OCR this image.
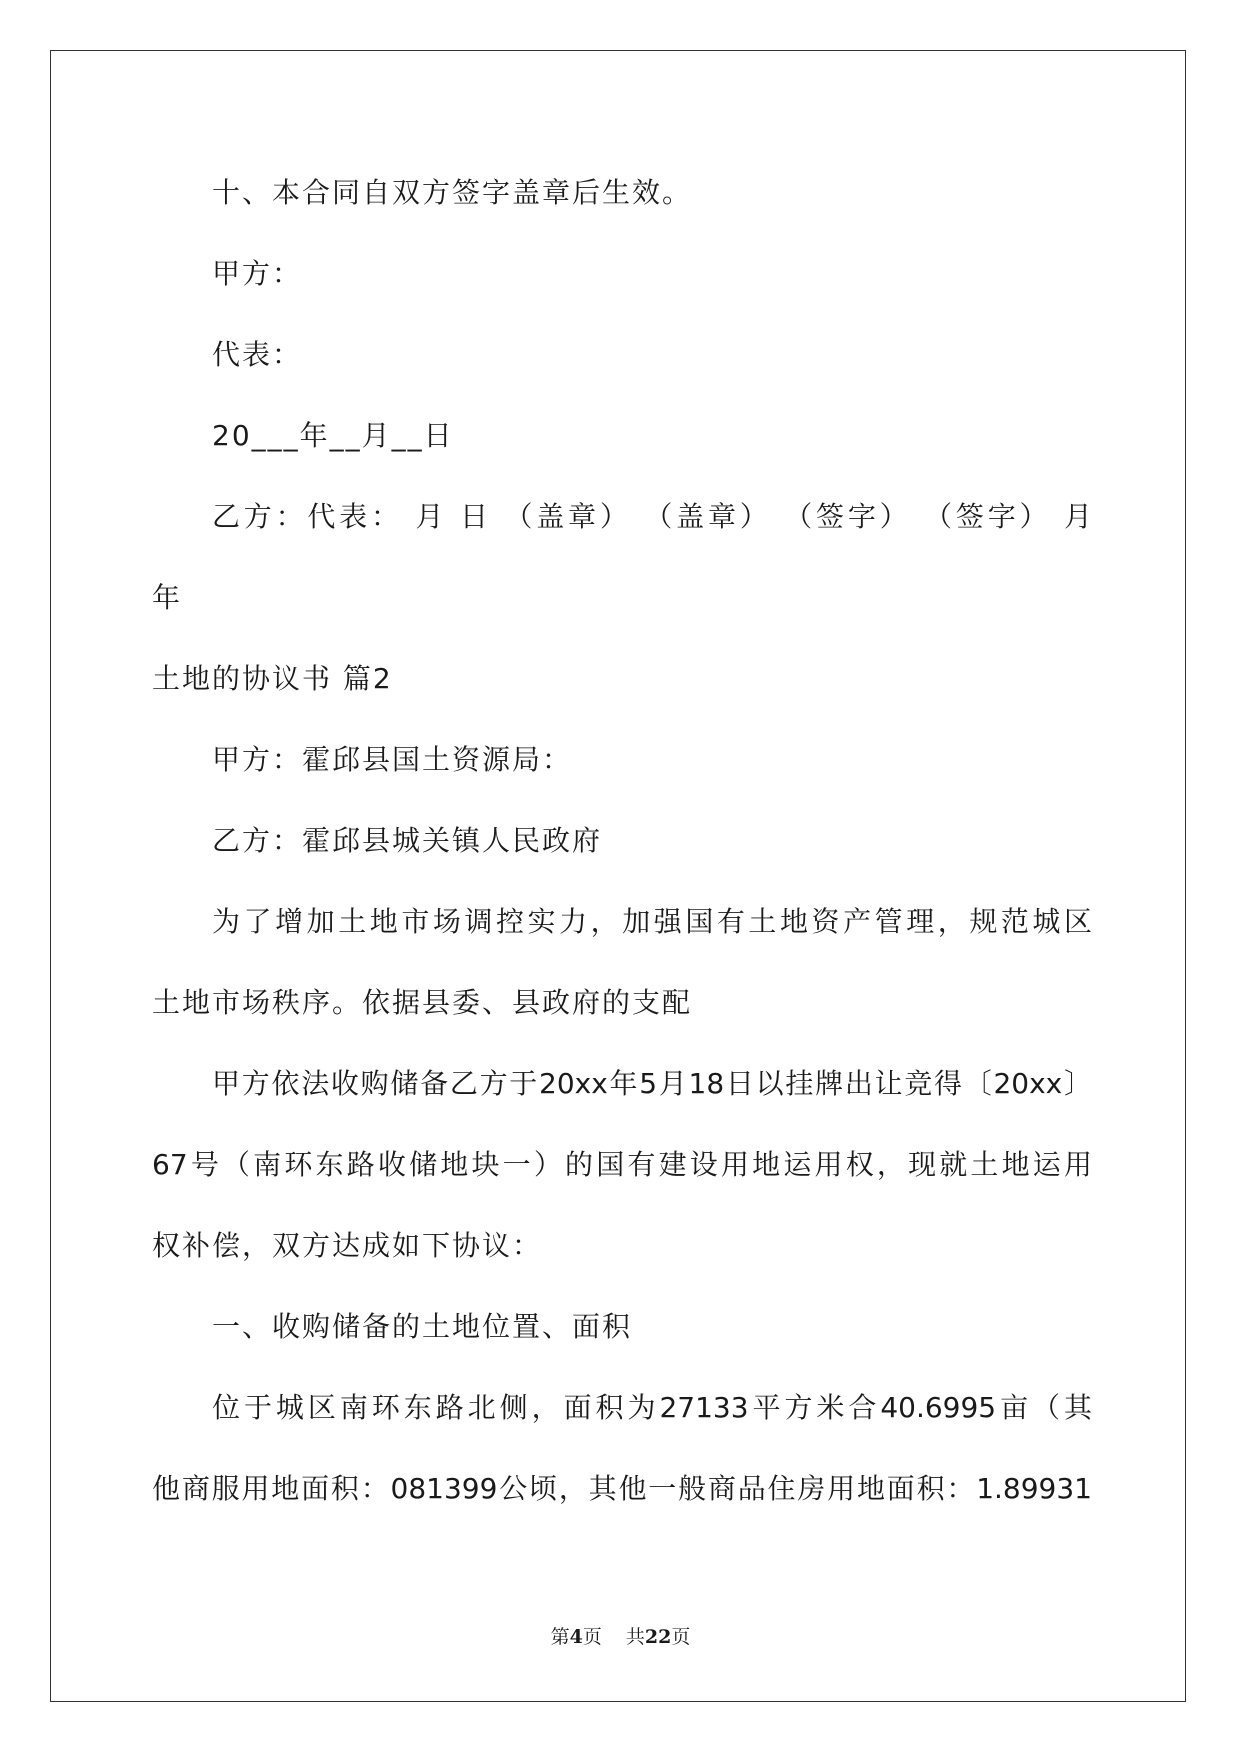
十、本合同自双方签字盖章后生效。
甲方：
代表：
20___年__月__日
乙方：代表： 月 日 （盖章） （盖章） （签字） （签字） 月
年
土地的协议书 篇2
甲方：霍邱县国土资源局：
乙方：霍邱县城关镇人民政府
为了增加土地市场调控实力，加强国有土地资产管理，规范城区
土地市场秩序。依据县委、县政府的支配
甲方依法收购储备乙方于20xx年5月18日以挂牌出让竞得〔20xx〕
67号（南环东路收储地块一）的国有建设用地运用权，现就土地运用
权补偿，双方达成如下协议：
一、收购储备的土地位置、面积
位于城区南环东路北侧，面积为27133平方米合40.6995亩（其
他商服用地面积：081399公顷，其他一般商品住房用地面积：1.89931
第4页 共22页
